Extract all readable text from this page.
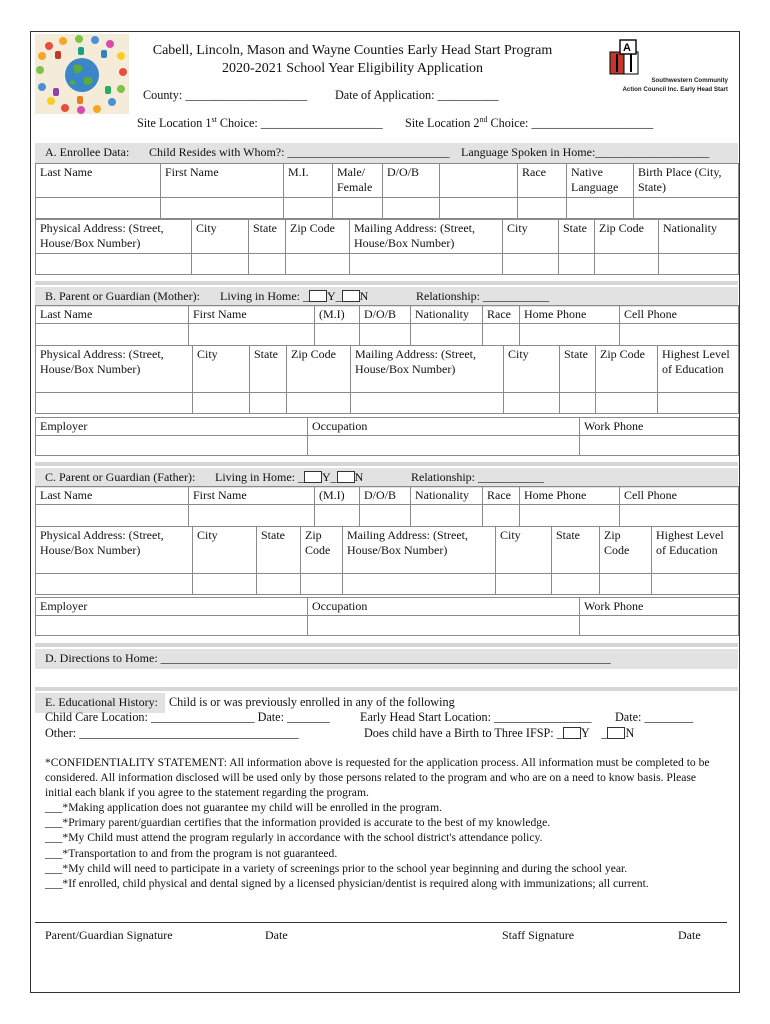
A
Southwestern Community
Action Council Inc. Early Head Start
Cabell, Lincoln, Mason and Wayne Counties Early Head Start Program
2020-2021 School Year Eligibility Application
County: ____________________ Date of Application: __________
Site Location 1st Choice: ____________________ Site Location 2nd Choice: ____________________
A. Enrollee Data: Child Resides with Whom?: ___________________________ Language Spoken in Home:___________________
Last Name	First Name	M.I.	Male/ Female	D/O/B		Race	Native Language	Birth Place (City, State)

Physical Address: (Street, House/Box Number)	City	State	Zip Code	Mailing Address: (Street, House/Box Number)	City	State	Zip Code	Nationality

B. Parent or Guardian (Mother): Living in Home: _ Y_ N	Relationship: ___________
Last Name	First Name	(M.I)	D/O/B	Nationality	Race	Home Phone	Cell Phone

Physical Address: (Street, House/Box Number)	City	State	Zip Code	Mailing Address: (Street, House/Box Number)	City	State	Zip Code	Highest Level of Education

Employer	Occupation	Work Phone

C. Parent or Guardian (Father): Living in Home: _ Y_ N	Relationship: ___________
Last Name	First Name	(M.I)	D/O/B	Nationality	Race	Home Phone	Cell Phone

Physical Address: (Street, House/Box Number)	City	State	Zip Code	Mailing Address: (Street, House/Box Number)	City	State	Zip Code	Highest Level of Education

Employer	Occupation	Work Phone

D. Directions to Home: ___________________________________________________________________________
E. Educational History: Child is or was previously enrolled in any of the following
Child Care Location: _________________ Date: _______ Early Head Start Location: ________________ Date: ________
Other: ____________________________________	Does child have a Birth to Three IFSP: _ Y    _ N
*CONFIDENTIALITY STATEMENT: All information above is requested for the application process. All information must be completed to be considered. All information disclosed will be used only by those persons related to the program and who are on a need to know basis. Please initial each blank if you agree to the statement regarding the program.
___*Making application does not guarantee my child will be enrolled in the program.
___*Primary parent/guardian certifies that the information provided is accurate to the best of my knowledge.
___*My Child must attend the program regularly in accordance with the school district's attendance policy.
___*Transportation to and from the program is not guaranteed.
___*My child will need to participate in a variety of screenings prior to the school year beginning and during the school year.
___*If enrolled, child physical and dental signed by a licensed physician/dentist is required along with immunizations; all current.
Parent/Guardian Signature	Date	Staff Signature	Date
